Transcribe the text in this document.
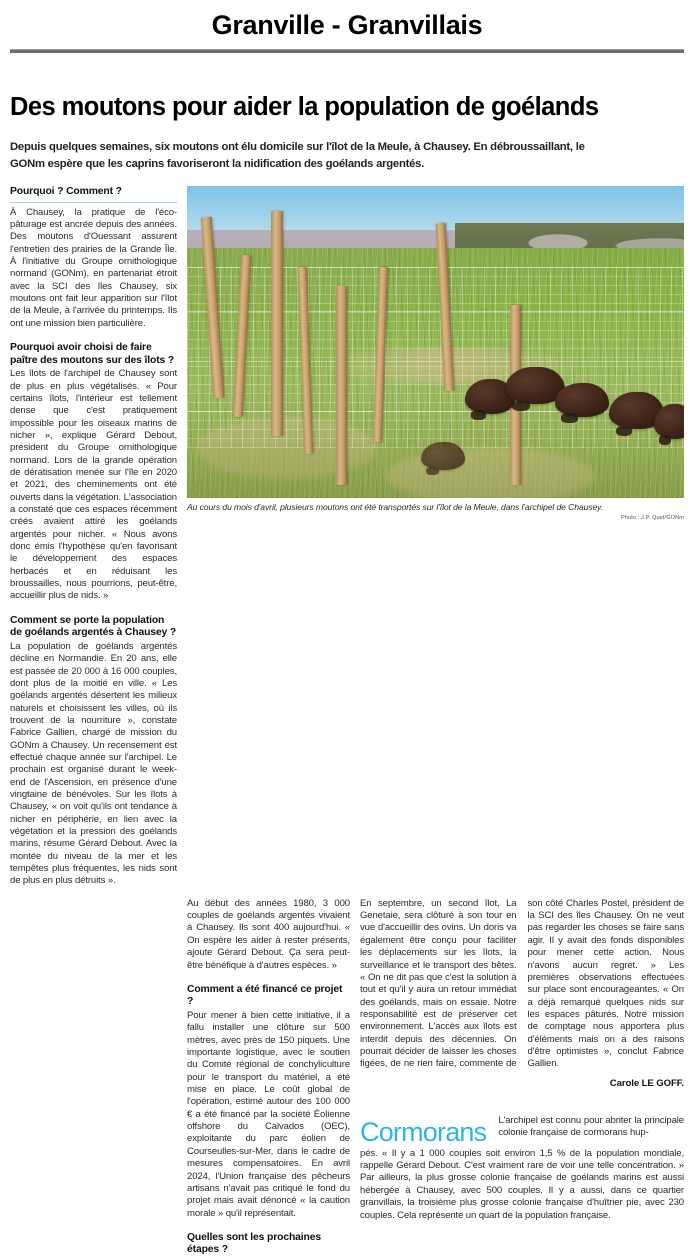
Granville - Granvillais
Des moutons pour aider la population de goélands
Depuis quelques semaines, six moutons ont élu domicile sur l'îlot de la Meule, à Chausey. En débroussaillant, le GONm espère que les caprins favoriseront la nidification des goélands argentés.
Pourquoi ? Comment ?

À Chausey, la pratique de l'éco-pâturage est ancrée depuis des années. Des moutons d'Ouessant assurent l'entretien des prairies de la Grande Île. À l'initiative du Groupe ornithologique normand (GONm), en partenariat étroit avec la SCI des îles Chausey, six moutons ont fait leur apparition sur l'îlot de la Meule, à l'arrivée du printemps. Ils ont une mission bien particulière.

Pourquoi avoir choisi de faire paître des moutons sur des îlots ?

Les îlots de l'archipel de Chausey sont de plus en plus végétalisés. « Pour certains îlots, l'intérieur est tellement dense que c'est pratiquement impossible pour les oiseaux marins de nicher », explique Gérard Debout, président du Groupe ornithologique normand. Lors de la grande opération de dératisation menée sur l'île en 2020 et 2021, des cheminements ont été ouverts dans la végétation. L'association a constaté que ces espaces récemment créés avaient attiré les goélands argentés pour nicher. « Nous avons donc émis l'hypothèse qu'en favorisant le développement des espaces herbacés et en réduisant les broussailles, nous pourrions, peut-être, accueillir plus de nids. »

Comment se porte la population de goélands argentés à Chausey ?

La population de goélands argentés décline en Normandie. En 20 ans, elle est passée de 20 000 à 16 000 couples, dont plus de la moitié en ville. « Les goélands argentés désertent les milieux naturels et choisissent les villes, où ils trouvent de la nourriture », constate Fabrice Gallien, chargé de mission du GONm à Chausey. Un recensement est effectué chaque année sur l'archipel. Le prochain est organisé durant le week-end de l'Ascension, en présence d'une vingtaine de bénévoles. Sur les îlots à Chausey, « on voit qu'ils ont tendance à nicher en périphérie, en lien avec la végétation et la pression des goélands marins, résume Gérard Debout. Avec la montée du niveau de la mer et les tempêtes plus fréquentes, les nids sont de plus en plus détruits ».

Au cours du mois d'avril, plusieurs moutons ont été transportés sur l'îlot de la Meule, dans l'archipel de Chausey.
Photo : J.P. Quet/GONm

Au début des années 1980, 3 000 couples de goélands argentés vivaient à Chausey. Ils sont 400 aujourd'hui. « On espère les aider à rester présents, ajoute Gérard Debout. Ça sera peut-être bénéfique à d'autres espèces. »

Comment a été financé ce projet ?

Pour mener à bien cette initiative, il a fallu installer une clôture sur 500 mètres, avec près de 150 piquets. Une importante logistique, avec le soutien du Comité régional de conchyliculture pour le transport du matériel, a été mise en place. Le coût global de l'opération, estimé autour des 100 000 € a été financé par la société Éolienne offshore du Calvados (OEC), exploitante du parc éolien de Courseulles-sur-Mer, dans le cadre de mesures compensatoires. En avril 2024, l'Union française des pêcheurs artisans n'avait pas critiqué le fond du projet mais avait dénoncé « la caution morale » qu'il représentait.

Quelles sont les prochaines étapes ?

En septembre, un second îlot, La Genetaie, sera clôturé à son tour en vue d'accueillir des ovins. Un doris va également être conçu pour faciliter les déplacements sur les îlots, la surveillance et le transport des bêtes. « On ne dit pas que c'est la solution à tout et qu'il y aura un retour immédiat des goélands, mais on essaie. Notre responsabilité est de préserver cet environnement. L'accès aux îlots est interdit depuis des décennies. On pourrait décider de laisser les choses figées, de ne rien faire, commente de son côté Charles Postel, président de la SCI des îles Chausey. On ne veut pas regarder les choses se faire sans agir. Il y avait des fonds disponibles pour mener cette action. Nous n'avons aucun regret. » Les premières observations effectuées sur place sont encourageantes. « On a déjà remarqué quelques nids sur les espaces pâturés. Notre mission de comptage nous apportera plus d'éléments mais on a des raisons d'être optimistes », conclut Fabrice Gallien.

Carole LE GOFF.
Cormorans L'archipel est connu pour abriter la principale colonie française de cormorans hup-
pés. « Il y a 1 000 couples soit environ 1,5 % de la population mondiale, rappelle Gérard Debout. C'est vraiment rare de voir une telle concentration. » Par ailleurs, la plus grosse colonie française de goélands marins est aussi hébergée à Chausey, avec 500 couples. Il y a aussi, dans ce quartier granvillais, la troisième plus grosse colonie française d'huîtrier pie, avec 230 couples. Cela représente un quart de la population française.
